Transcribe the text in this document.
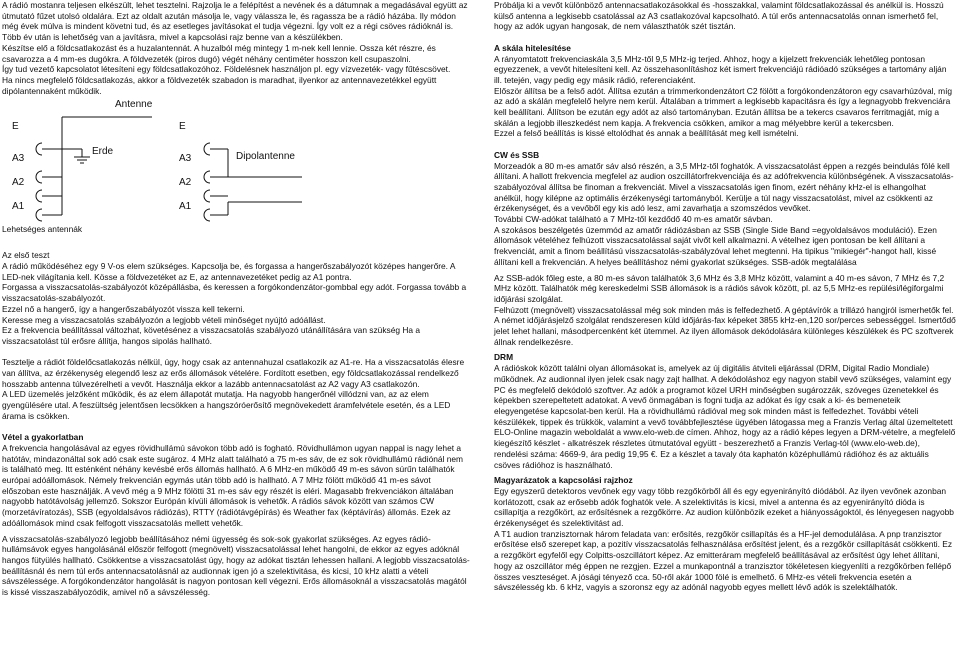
A rádió mostanra teljesen elkészült, lehet tesztelni. Rajzolja le a felépítést a nevének és a dátumnak a megadásával együtt az útmutató fűzet utolsó oldalára. Ezt az oldalt azután másolja le, vagy válassza le, és ragassza be a rádió házába. Ily módon még évek múlva is mindent követni tud, és az esetleges javításokat el tudja végezni. Így volt ez a régi csöves rádióknál is.

Több év után is lehetőség van a javításra, mivel a kapcsolási rajz benne van a készülékben.

Készítse elő a földcsatlakozást és a huzalantennát. A huzalból még mintegy 1 m-nek kell lennie. Ossza két részre, és csavarozza a 4 mm-es dugókra. A földvezeték (piros dugó) végét néhány centiméter hosszon kell csupaszolni.

Így tud vezető kapcsolatot létesíteni egy földcsatlakozóhoz. Földelésnek használjon pl. egy vízvezeték- vagy fűtéscsövet.

Ha nincs megfelelő földcsatlakozás, akkor a földvezeték szabadon is maradhat, ilyenkor az antennavezetékkel együtt dipólantennaként működik.

Antenne
Erde	Dipolantenne
E
A3
A2
A1
E
A3
A2
A1
Lehetséges antennák

Az első teszt

A rádió működéséhez egy 9 V-os elem szükséges. Kapcsolja be, és forgassa a hangerőszabályozót középes hangerőre. A LED-nek világítania kell. Kösse a földvezetéket az E, az antennavezetéket pedig az A1 pontra.

Forgassa a visszacsatolás-szabályozót középállásba, és keressen a forgókondenzátor-gombbal egy adót. Forgassa tovább a visszacsatolás-szabályozót.

Ezzel nő a hangerő, így a hangerőszabályozót vissza kell tekerni.

Keresse meg a visszacsatolás szabályozón a legjobb vételi minőséget nyújtó adóállást.

Ez a frekvencia beállítással változhat, követésénez a visszacsatolás szabályozó utánállítására van szükség Ha a visszacsatolást túl erősre állítja, hangos sipolás hallható.

Tesztelje a rádiót földelőcsatlakozás nélkül, úgy, hogy csak az antennahuzal csatlakozik az A1-re. Ha a visszacsatolás élesre van állítva, az érzékenység elegendő lesz az erős állomások vételére. Fordított esetben, egy földcsatlakozással rendelkező hosszabb antenna túlvezérelheti a vevőt. Használja ekkor a lazább antennacsatolást az A2 vagy A3 csatlakozón.

A LED üzemelés jelzőként működik, és az elem állapotát mutatja. Ha nagyobb hangerőnél villódzni van, az az elem gyengülésére utal. A feszültség jelentősen lecsökken a hangszóróerősítő megnövekedett áramfelvétele esetén, és a LED árama is csökken.

Vétel a gyakorlatban

A frekvencia hangolásával az egyes rövidhullámú sávokon több adó is fogható. Rövidhullámon ugyan nappal is nagy lehet a hatótáv, mindazonáltal sok adó csak este sugároz. 4 MHz alatt található a 75 m-es sáv, de ez sok rövidhullámú rádiónál nem is található meg. Itt esténként néhány kevésbé erős állomás hallható. A 6 MHz-en működő 49 m-es sávon súrűn találhatók európai adóállomások. Némely frekvencián egymás után több adó is hallható. A 7 MHz fölött működő 41 m-es sávot előszoban este használják. A vevő még a 9 MHz fölötti 31 m-es sáv egy részét is eléri. Magasabb frekvenciákon általában nagyobb hatótávolság jellemző. Sokszor Európán kívüli állomások is vehetők. A rádiós sávok között van számos CW (morzetávíratozás), SSB (egyoldalsávos rádiózás), RTTY (rádiótávgépírás) és Weather fax (képtávírás) állomás. Ezek az adóállomások mind csak felfogott visszacsatolás mellett vehetők.

A visszacsatolás-szabályozó legjobb beállításához némi ügyesség és sok-sok gyakorlat szükséges. Az egyes rádió-hullámsávok egyes hangolásánál először felfogott (megnövelt) visszacsatolással lehet hangolni, de ekkor az egyes adóknál hangos fütyülés hallható. Csökkentse a visszacsatolást úgy, hogy az adókat tisztán lehessen hallani. A legjobb visszacsatolás-beállításnál és nem túl erős antennacsatolásnál az audionnak igen jó a szelektivitása, és kicsi, 10 kHz alatti a vételi sávszélessége. A forgókondenzátor hangolását is nagyon pontosan kell végezni. Erős állomásoknál a visszacsatolás magától is kissé visszaszabályozódik, amivel nő a sávszélesség.

Próbálja ki a vevőt különböző antennacsatlakozásokkal és -hosszakkal, valamint földcsatlakozással és anélkül is. Hosszú külső antenna a legkisebb csatolással az A3 csatlakozóval kapcsolható. A túl erős antennacsatolás onnan ismerhető fel, hogy az adók ugyan hangosak, de nem választhatók szét tisztán.

A skála hitelesítése

A rányomtatott frekvenciaskála 3,5 MHz-től 9,5 MHz-ig terjed. Ahhoz, hogy a kijelzett frekvenciák lehetőleg pontosan egyezzenek, a vevőt hitelesíteni kell. Az összehasonlításhoz két ismert frekvenciájú rádióadó szükséges a tartomány alján ill. tetején, vagy pedig egy másik rádió, referenciaként.

Először állítsa be a felső adót. Állítsa ezután a trimmerkondenzátort C2 fölött a forgókondenzátoron egy csavarhúzóval, míg az adó a skálán megfelelő helyre nem kerül. Általában a trimmert a legkisebb kapacitásra és így a legnagyobb frekvenciára kell beállítani. Állítson be ezután egy adót az alsó tartományban. Ezután állítsa be a tekercs csavaros ferritmagját, míg a skálán a legjobb illeszkedést nem kapja. A frekvencia csökken, amikor a mag mélyebbre kerül a tekercsben.

Ezzel a felső beállítás is kissé eltolódhat és annak a beállítását meg kell ismételni.

CW és SSB

Morzeadók a 80 m-es amatőr sáv alsó részén, a 3,5 MHz-től foghatók. A visszacsatolást éppen a rezgés beindulás fölé kell állítani. A hallott frekvencia megfelel az audion oszcillátorfrekvenciája és az adófrekvencia különbségének. A visszacsatolás-szabályozóval állítsa be finoman a frekvenciát. Mivel a visszacsatolás igen finom, ezért néhány kHz-el is elhangolhat anélkül, hogy kilépne az optimális érzékenységi tartományból. Kerülje a túl nagy visszacsatolást, mivel az csökkenti az érzékenységet, és a vevőből egy kis adó lesz, ami zavarhatja a szomszédos vevőket.

További CW-adókat található a 7 MHz-től kezdődő 40 m-es amatőr sávban.

A szokásos beszélgetés üzemmód az amatőr rádiózásban az SSB (Single Side Band =egyoldalsávos moduláció). Ezen állomások vételéhez felhúzott visszacsatolással saját vivőt kell alkalmazni. A vételhez igen pontosan be kell állítani a frekvenciát, amit a finom beállítású visszacsatolás-szabályzóval lehet megtenni. Ha tipikus "mikiegér"-hangot hall, kissé állítani kell a frekvencián. A helyes beállításhoz némi gyakorlat szükséges. SSB-adók megtalálása

Az SSB-adók főleg este, a 80 m-es sávon találhatók 3,6 MHz és 3,8 MHz között, valamint a 40 m-es sávon, 7 MHz és 7,2 MHz között. Találhatók még kereskedelmi SSB állomások is a rádiós sávok között, pl. az 5,5 MHz-es repülési/légiforgalmi időjárási szolgálat.

Felhúzott (megnövelt) visszacsatolással még sok minden más is felfedezhető. A géptávírók a trillázó hangjról ismerhetők fel. A német időjárásjelző szolgálat rendszeresen küld időjárás-fax képeket 3855 kHz-en,120 sor/perces sebességgel. Ismertődő jelet lehet hallani, másodpercenként két ütemmel. Az ilyen állomások dekódolására különleges készülékek és PC szoftverek állnak rendelkezésre.

DRM

A rádióskok között találni olyan állomásokat is, amelyek az új digitális átviteli eljárással (DRM, Digital Radio Mondiale) működnek. Az audionnal ilyen jelek csak nagy zajt hallhat. A dekódoláshoz egy nagyon stabil vevő szükséges, valamint egy PC és megfelelő dekódoló szoftver. Az adók a programot közel URH minőségben sugározzák, szóveges üzenetekkel és képekben szerepeltetett adatokat. A vevő önmagában is fogni tudja az adókat és így csak a ki- és bemeneteik elegyengetése kapcsolat-ben kerül. Ha a rövidhullámú rádióval meg sok minden mást is felfedezhet. További vételi készülékek, tippek és trükkök, valamint a vevő továbbfejlesztése ügyében látogassa meg a Franzis Verlag által üzemeltetett ELO-Online magazin weboldalát a www.elo-web.de címen. Ahhoz, hogy az a rádió képes legyen a DRM-vételre, a megfelelő kiegészítő készlet - alkatrészek részletes útmutatóval együtt - beszerezhető a Franzis Verlag-tól (www.elo-web.de), rendelési száma: 4669-9, ára pedig 19,95 €. Ez a készlet a tavaly óta kaphatón középhullámú rádióhoz és az aktuális csöves rádióhoz is használható.

Magyarázatok a kapcsolási rajzhoz

Egy egyszerű detektoros vevőnek egy vagy több rezgőkörből áll és egy egyenirányító diódából. Az ilyen vevőnek azonban korlátozott, csak az erősebb adók foghatók vele. A szelektivitás is kicsi, mivel a antenna és az egyenirányító dióda is csillapítja a rezgőkört, az erősítésnek a rezgőkörre. Az audion különbözik ezeket a hiányosságoktól, és lényegesen nagyobb érzékenységet és szelektivitást ad.

A T1 audion tranzisztornak három feladata van: erősítés, rezgőkör csillapítás és a HF-jel demodulálása. A pnp tranzisztor erősítése első szerepet kap, a pozitív visszacsatolás felhasználása erősítést jelent, és a rezgőkör csillapítását csökkenti. Ez a rezgőkört egyfelől egy Colpitts-oszcillátort képez. Az emitteráram megfelelő beállításával az erősítést úgy lehet állítani, hogy az oszcillátor még éppen ne rezgjen. Ezzel a munkapontnál a tranzisztor tökéletesen kiegyenlíti a rezgőkörben fellépő összes veszteséget. A jósági tényező cca. 50-ről akár 1000 fölé is emelhető. 6 MHz-es vételi frekvencia esetén a sávszélesség kb. 6 kHz, vagyis a szoronsz egy az adónál nagyobb egyes mellett lévő adók is szelektálhatók.
